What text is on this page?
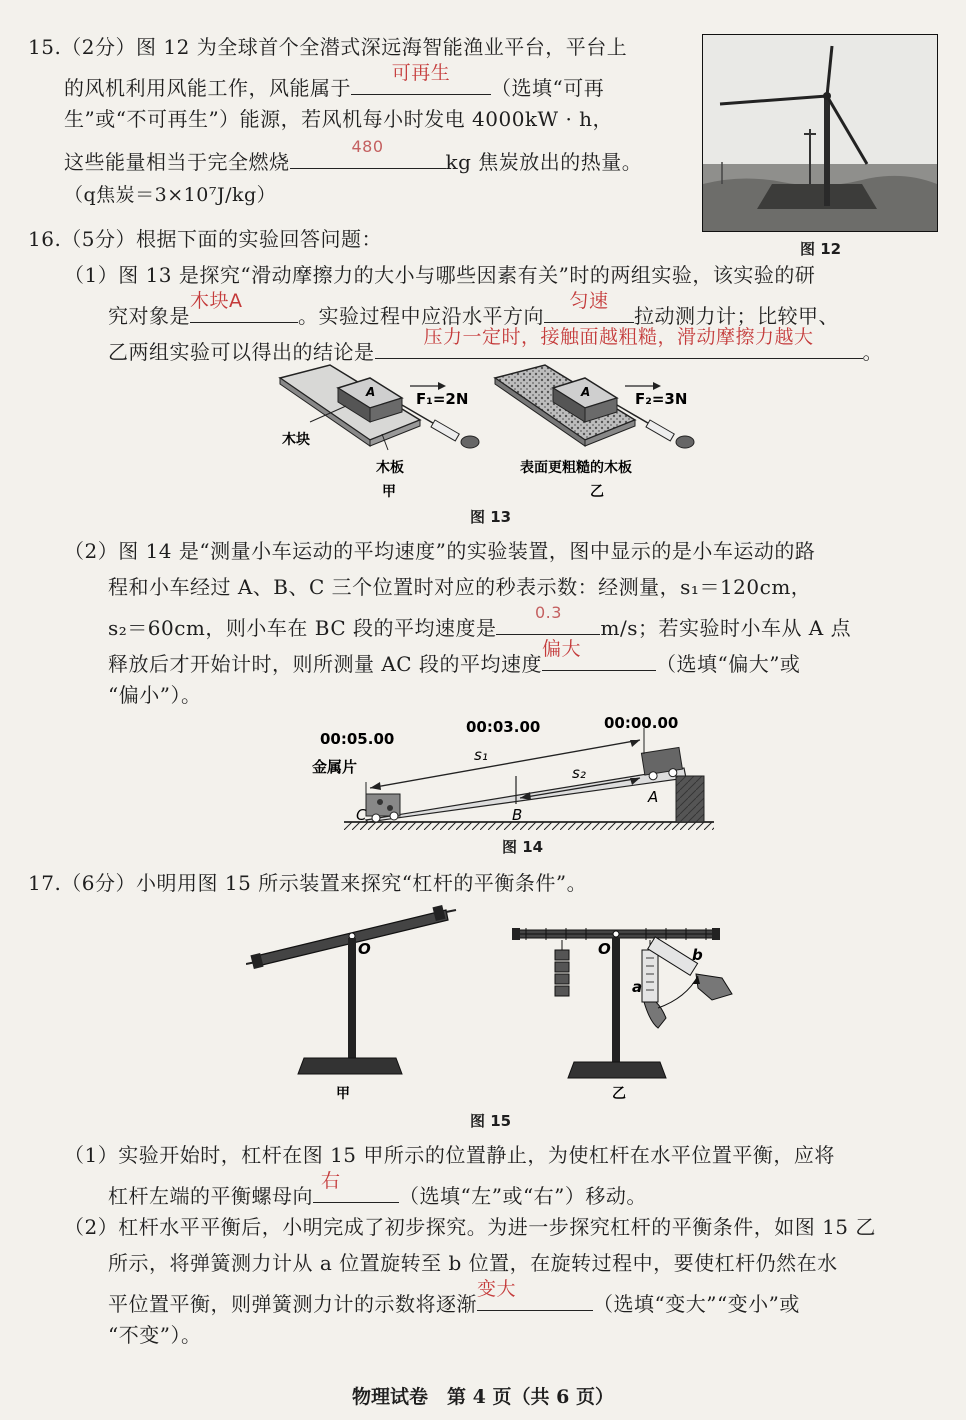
15.（2分）图 12 为全球首个全潜式深远海智能渔业平台，平台上
的风机利用风能工作，风能属于
可再生
（选填“可再
生”或“不可再生”）能源，若风机每小时发电 4000kW · h，
这些能量相当于完全燃烧
480
kg 焦炭放出的热量。
（q焦炭＝3×10⁷J/kg）
图 12
16.（5分）根据下面的实验回答问题：
（1）图 13 是探究“滑动摩擦力的大小与哪些因素有关”时的两组实验，该实验的研
究对象是
木块A
。实验过程中应沿水平方向
匀速
拉动测力计；比较甲、
乙两组实验可以得出的结论是
压力一定时，接触面越粗糙，滑动摩擦力越大
。
A	F₁=2N
木块
木板
甲
A	F₂=3N
表面更粗糙的木板
乙
图 13
（2）图 14 是“测量小车运动的平均速度”的实验装置，图中显示的是小车运动的路
程和小车经过 A、B、C 三个位置时对应的秒表示数：经测量，s₁＝120cm，
s₂＝60cm，则小车在 BC 段的平均速度是
0.3
m/s；若实验时小车从 A 点
释放后才开始计时，则所测量 AC 段的平均速度
偏大
（选填“偏大”或
“偏小”）。
00:05.00
00:03.00	00:00.00
金属片
s₁
s₂
A
B
C
图 14
17.（6分）小明用图 15 所示装置来探究“杠杆的平衡条件”。
O
甲
O
a
b
乙
图 15
（1）实验开始时，杠杆在图 15 甲所示的位置静止，为使杠杆在水平位置平衡，应将
杠杆左端的平衡螺母向
右
（选填“左”或“右”）移动。
（2）杠杆水平平衡后，小明完成了初步探究。为进一步探究杠杆的平衡条件，如图 15 乙
所示，将弹簧测力计从 a 位置旋转至 b 位置，在旋转过程中，要使杠杆仍然在水
平位置平衡，则弹簧测力计的示数将逐渐
变大
（选填“变大”“变小”或
“不变”）。
物理试卷　第 4 页（共 6 页）
